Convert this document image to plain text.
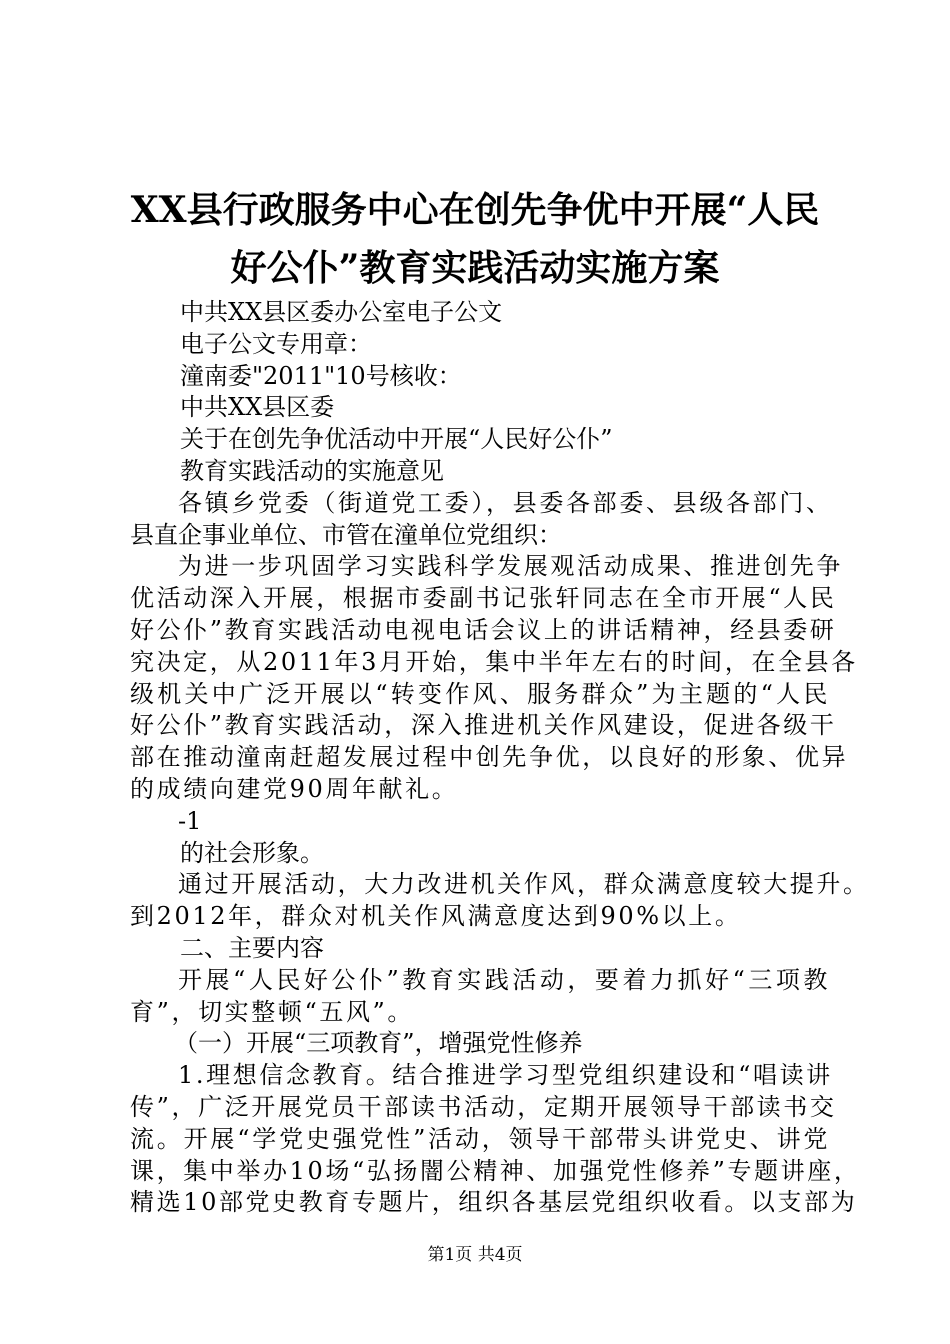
XX县行政服务中心在创先争优中开展“人民
好公仆”教育实践活动实施方案
中共XX县区委办公室电子公文
电子公文专用章：
潼南委"2011"10号核收：
中共XX县区委
关于在创先争优活动中开展“人民好公仆”
教育实践活动的实施意见
各镇乡党委（街道党工委），县委各部委、县级各部门、
县直企事业单位、市管在潼单位党组织：
为进一步巩固学习实践科学发展观活动成果、推进创先争
优活动深入开展，根据市委副书记张轩同志在全市开展“人民
好公仆”教育实践活动电视电话会议上的讲话精神，经县委研
究决定，从2011年3月开始，集中半年左右的时间，在全县各
级机关中广泛开展以“转变作风、服务群众”为主题的“人民
好公仆”教育实践活动，深入推进机关作风建设，促进各级干
部在推动潼南赶超发展过程中创先争优，以良好的形象、优异
的成绩向建党90周年献礼。
-1
的社会形象。
通过开展活动，大力改进机关作风，群众满意度较大提升。
到2012年，群众对机关作风满意度达到90%以上。
二、主要内容
开展“人民好公仆”教育实践活动，要着力抓好“三项教
育”，切实整顿“五风”。
（一）开展“三项教育”，增强党性修养
1.理想信念教育。结合推进学习型党组织建设和“唱读讲
传”，广泛开展党员干部读书活动，定期开展领导干部读书交
流。开展“学党史强党性”活动，领导干部带头讲党史、讲党
课，集中举办10场“弘扬闇公精神、加强党性修养”专题讲座，
精选10部党史教育专题片，组织各基层党组织收看。以支部为
第1页 共4页
